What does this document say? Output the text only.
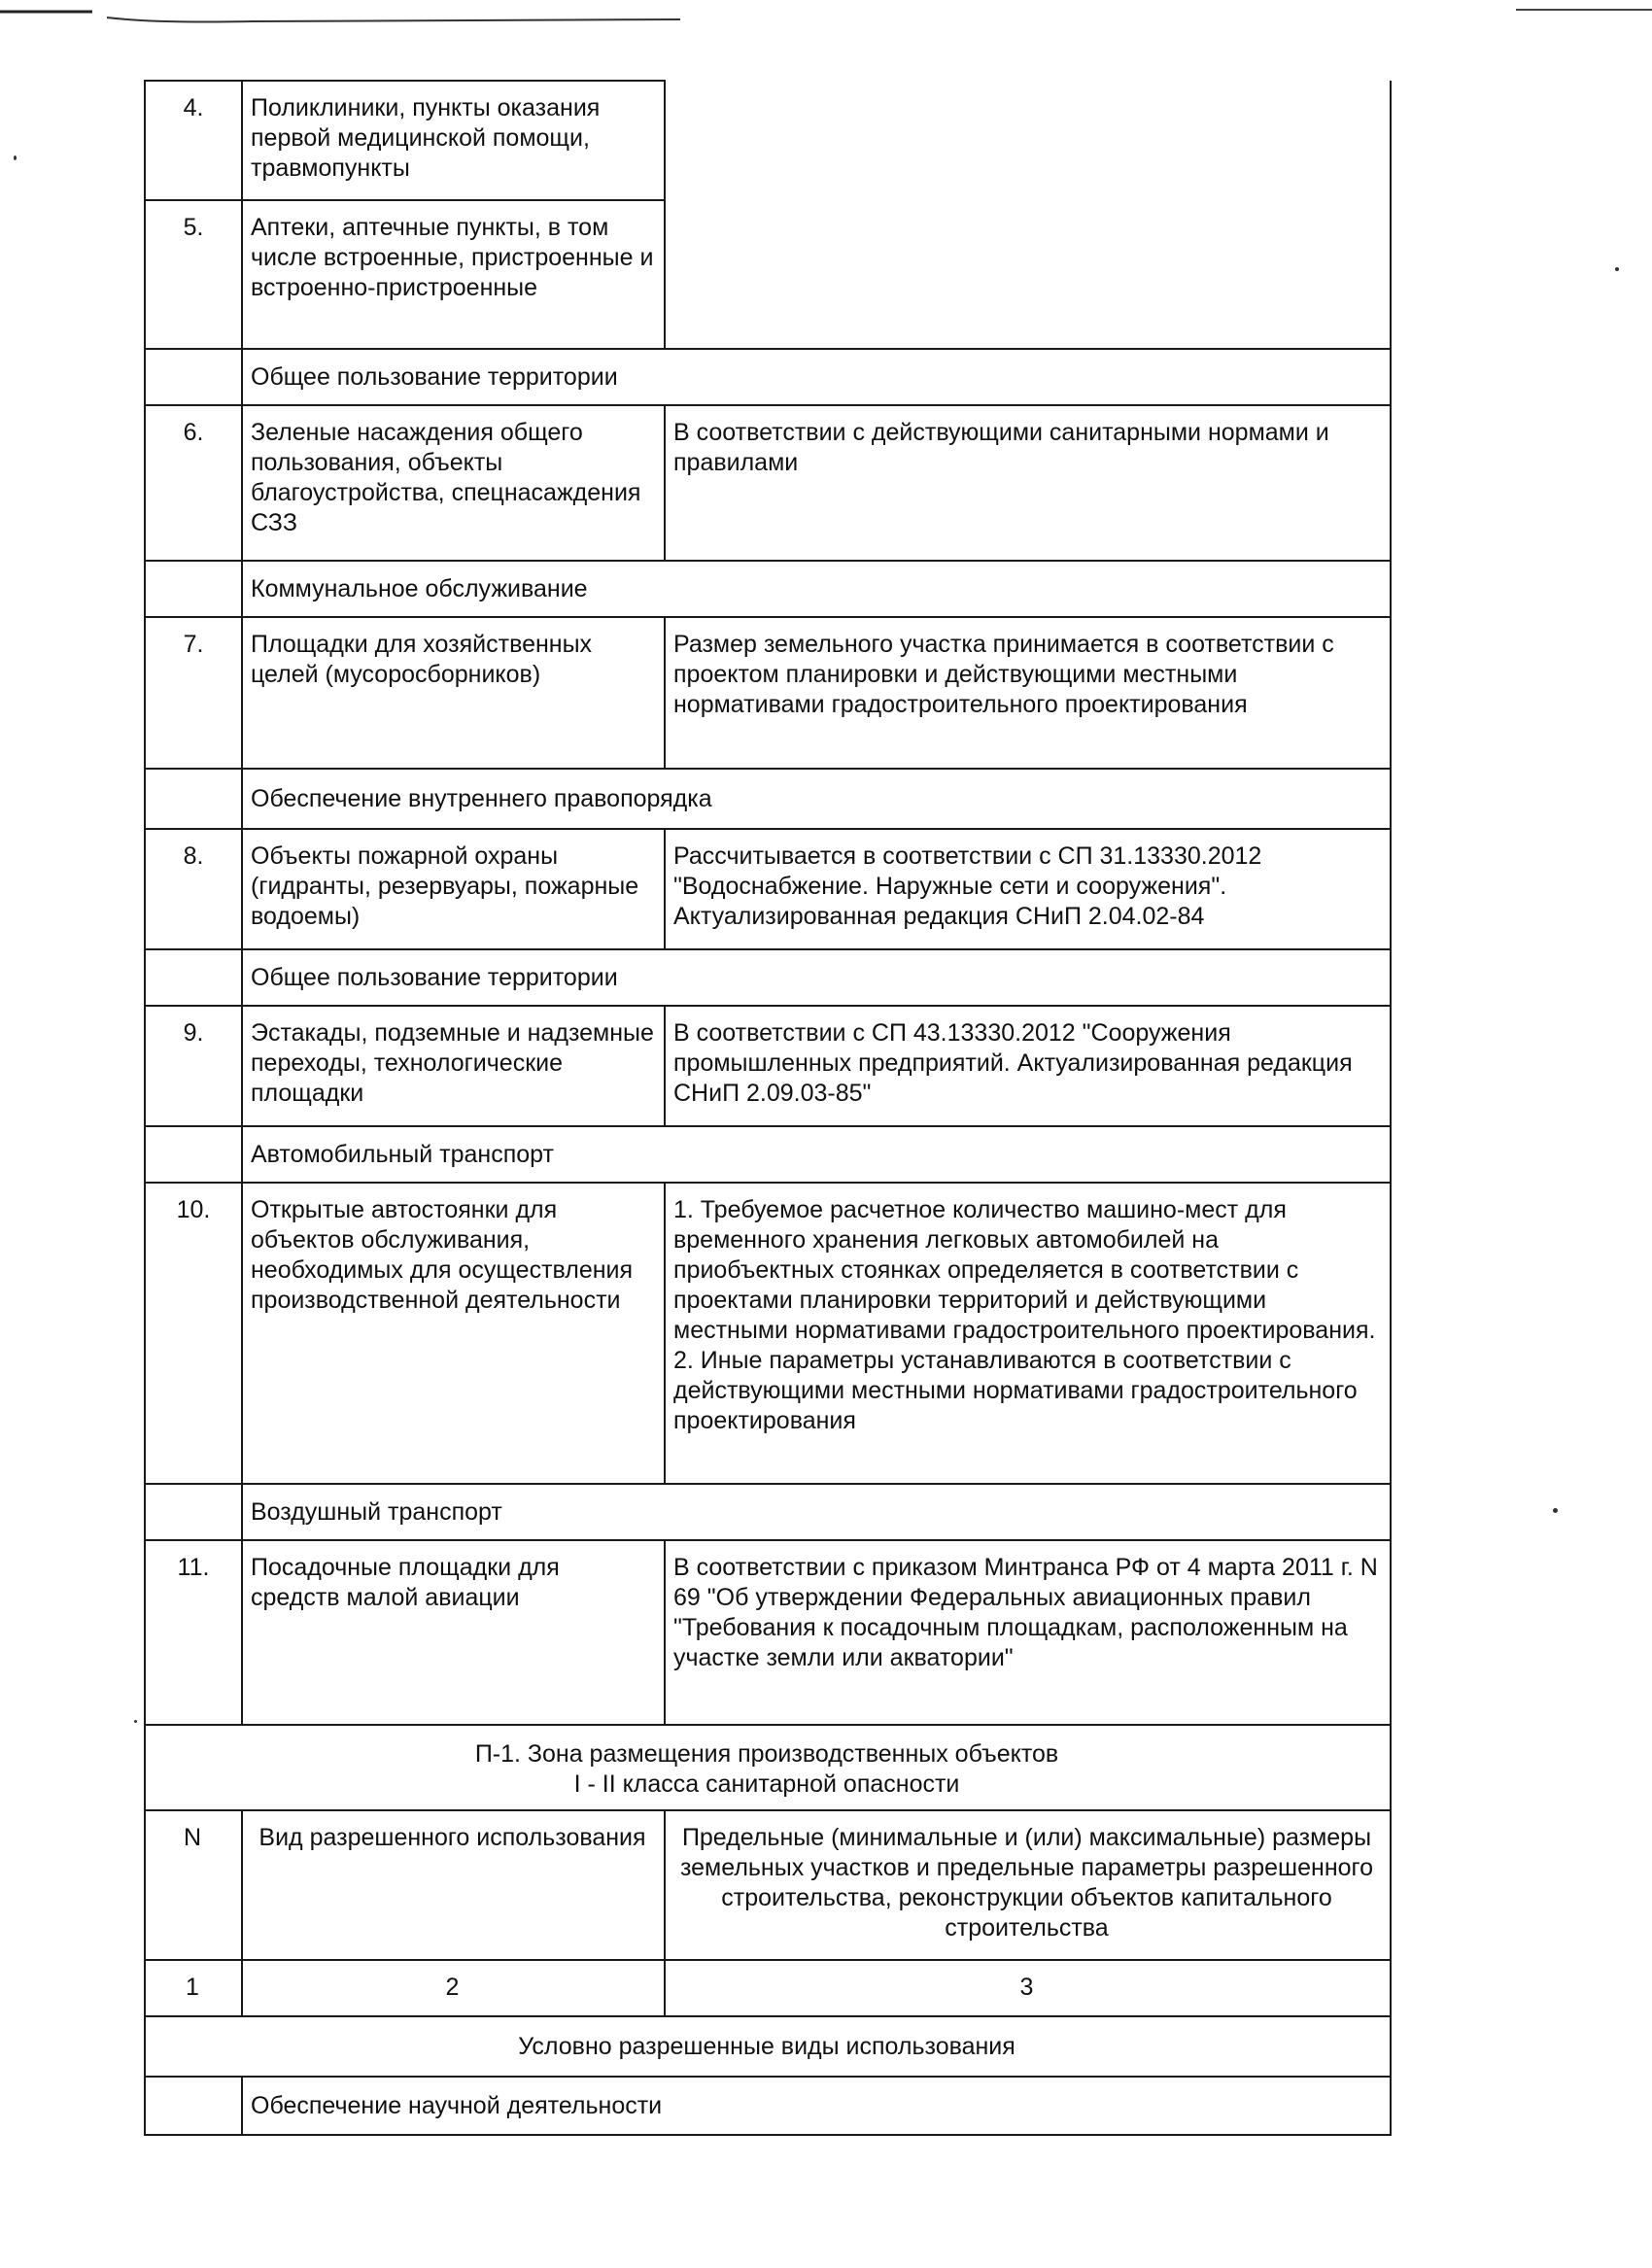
4.	Поликлиники, пункты оказания первой медицинской помощи, травмопункты	
5.	Аптеки, аптечные пункты, в том числе встроенные, пристроенные и встроенно-пристроенные	
	Общее пользование территории	
6.	Зеленые насаждения общего пользования, объекты благоустройства, спецнасаждения СЗЗ	В соответствии с действующими санитарными нормами и правилами
	Коммунальное обслуживание	
7.	Площадки для хозяйственных целей (мусоросборников)	Размер земельного участка принимается в соответствии с проектом планировки и действующими местными нормативами градостроительного проектирования
	Обеспечение внутреннего правопорядка	
8.	Объекты пожарной охраны (гидранты, резервуары, пожарные водоемы)	Рассчитывается в соответствии с СП 31.13330.2012 "Водоснабжение. Наружные сети и сооружения". Актуализированная редакция СНиП 2.04.02-84
	Общее пользование территории	
9.	Эстакады, подземные и надземные переходы, технологические площадки	В соответствии с СП 43.13330.2012 "Сооружения промышленных предприятий. Актуализированная редакция СНиП 2.09.03-85"
	Автомобильный транспорт	
10.	Открытые автостоянки для объектов обслуживания, необходимых для осуществления производственной деятельности	1. Требуемое расчетное количество машино-мест для временного хранения легковых автомобилей на приобъектных стоянках определяется в соответствии с проектами планировки территорий и действующими местными нормативами градостроительного проектирования.
2. Иные параметры устанавливаются в соответствии с действующими местными нормативами градостроительного проектирования

	Воздушный транспорт	
11.	Посадочные площадки для средств малой авиации	В соответствии с приказом Минтранса РФ от 4 марта 2011 г. N 69 "Об утверждении Федеральных авиационных правил "Требования к посадочным площадкам, расположенным на участке земли или акватории"

П-1. Зона размещения производственных объектов
I - II класса санитарной опасности		

N	Вид разрешенного использования	Предельные (минимальные и (или) максимальные) размеры земельных участков и предельные параметры разрешенного строительства, реконструкции объектов капитального строительства
1	2	3
Условно разрешенные виды использования		
	Обеспечение научной деятельности	
